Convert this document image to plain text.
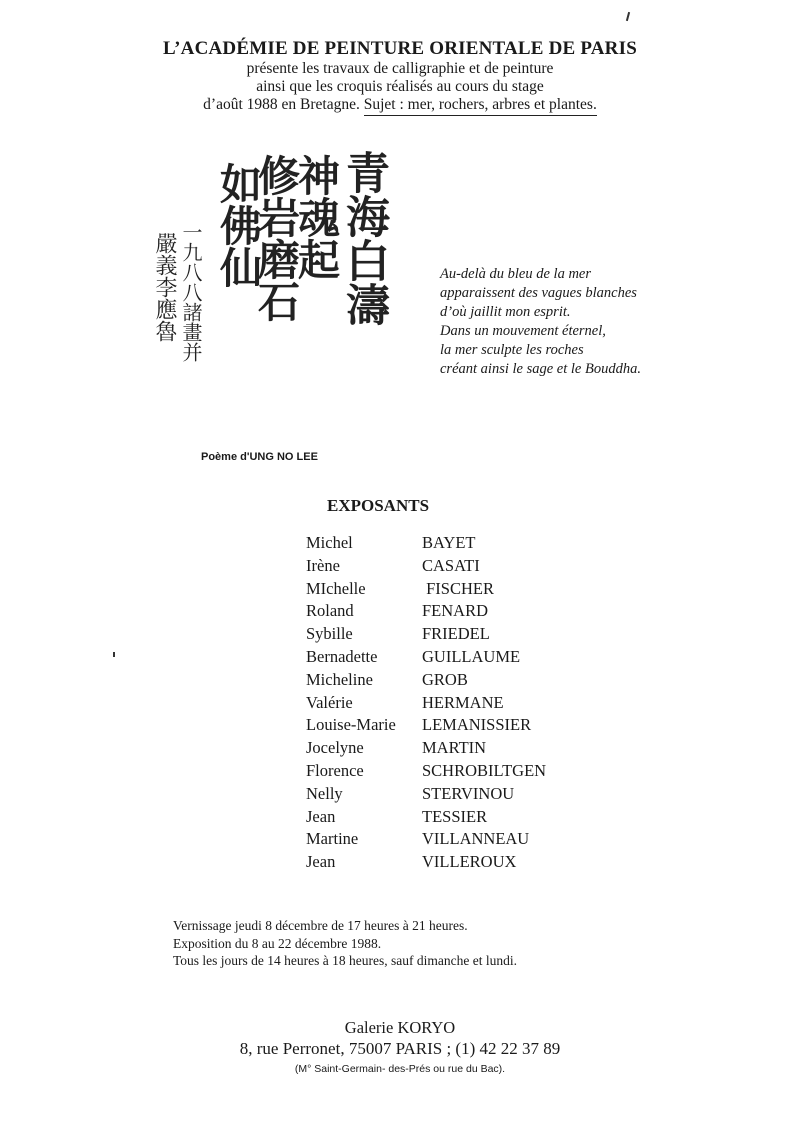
L’ACADÉMIE DE PEINTURE ORIENTALE DE PARIS
présente les travaux de calligraphie et de peinture
ainsi que les croquis réalisés au cours du stage
d’août 1988 en Bretagne. Sujet : mer, rochers, arbres et plantes.
青海白濤
神魂起
修岩磨石
如佛仙
一九八八諸畫并
嚴義李應魯	Au-delà du bleu de la mer
apparaissent des vagues blanches
d’où jaillit mon esprit.
Dans un mouvement éternel,
la mer sculpte les roches
créant ainsi le sage et le Bouddha.
Poème d'UNG NO LEE
EXPOSANTS
Michel	BAYET
Irène	CASATI
MIchelle	FISCHER
Roland	FENARD
Sybille	FRIEDEL
Bernadette	GUILLAUME
Micheline	GROB
Valérie	HERMANE
Louise-Marie	LEMANISSIER
Jocelyne	MARTIN
Florence	SCHROBILTGEN
Nelly	STERVINOU
Jean	TESSIER
Martine	VILLANNEAU
Jean	VILLEROUX
Vernissage jeudi 8 décembre de 17 heures à 21 heures.
Exposition du 8 au 22 décembre 1988.
Tous les jours de 14 heures à 18 heures, sauf dimanche et lundi.
Galerie KORYO
8, rue Perronet, 75007 PARIS ; (1) 42 22 37 89
(M° Saint-Germain- des-Prés ou rue du Bac).
